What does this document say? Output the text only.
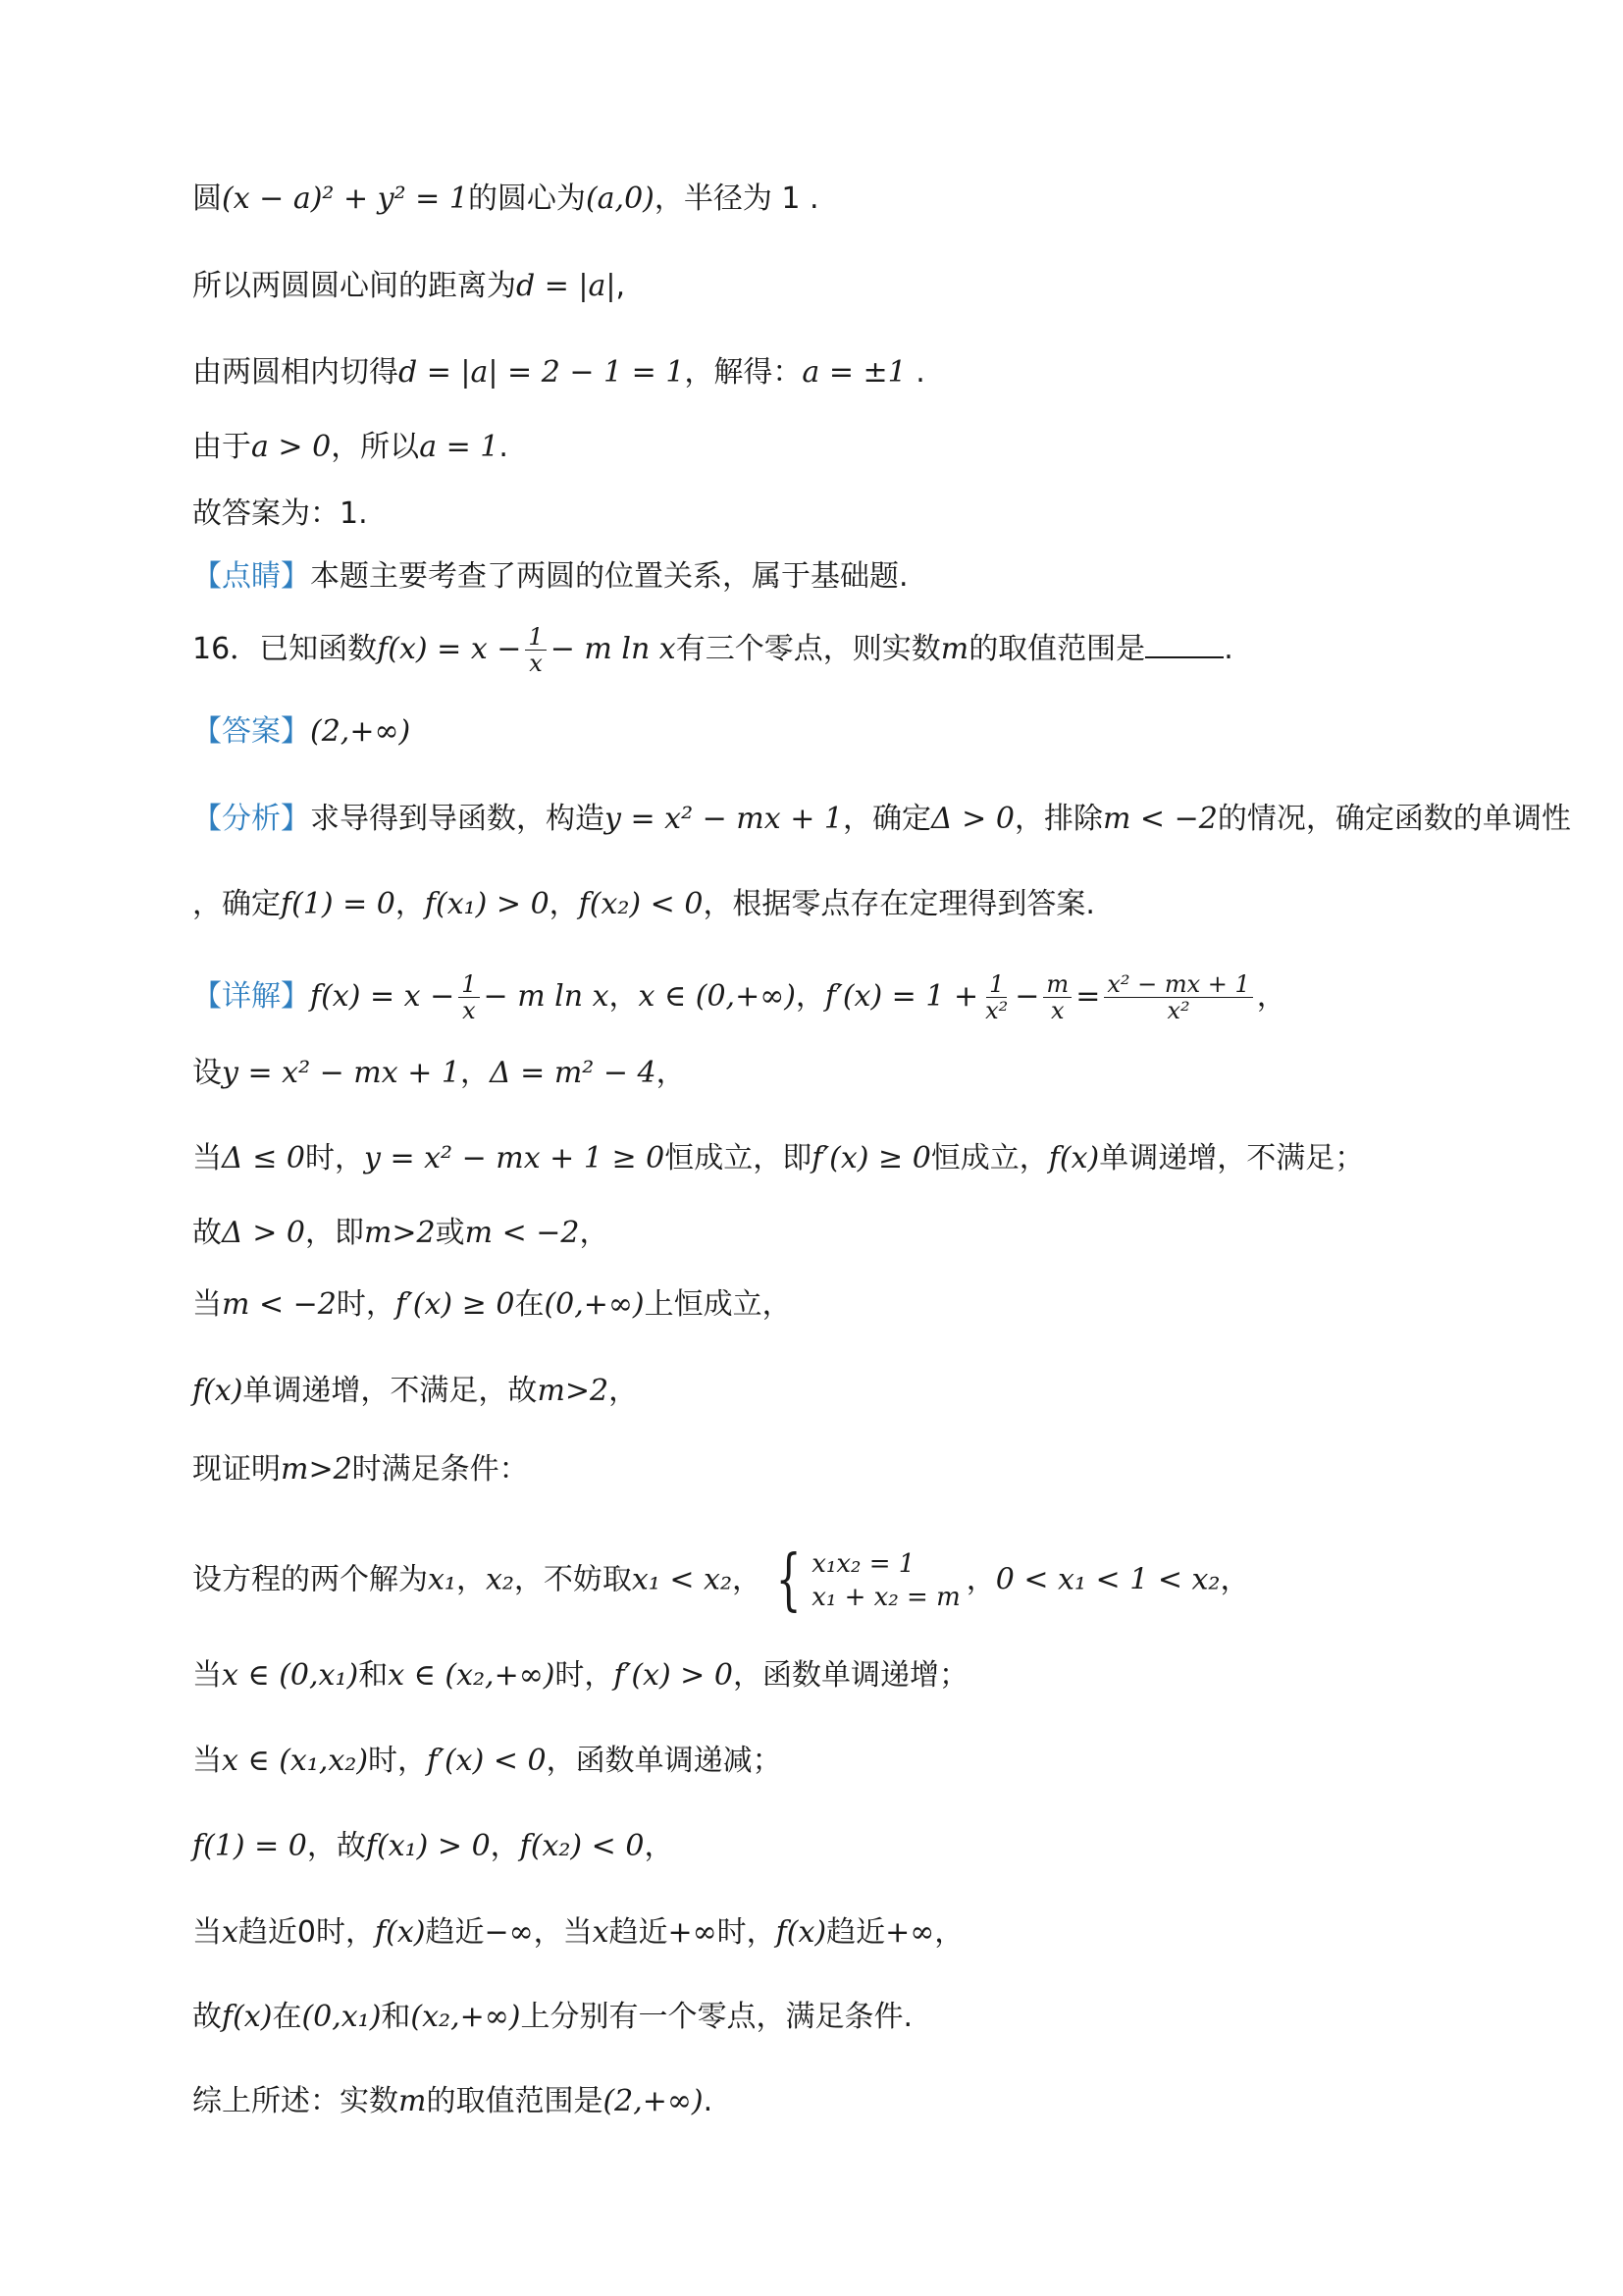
圆(x − a)² + y² = 1的圆心为(a,0)，半径为 1 .
所以两圆圆心间的距离为d = |a|,
由两圆相内切得d = |a| = 2 − 1 = 1，解得：a = ±1 .
由于a > 0，所以a = 1.
故答案为：1.
【点睛】本题主要考查了两圆的位置关系，属于基础题.
16．已知函数$f(x) = x - \frac{1}{x} - m$ ln x有三个零点，则实数m的取值范围是	.
【答案】(2,+∞)
【分析】求导得到导函数，构造y = x² − mx + 1，确定Δ > 0，排除m < −2的情况，确定函数的单调性
，确定f(1) = 0，f(x₁) > 0，f(x₂) < 0，根据零点存在定理得到答案.
【详解】$f(x) = x - \frac{1}{x} - m$ ln x，x ∈ (0,+∞)，$f'(x) = 1 + \frac{1}{\text{x²}} - \frac{m}{x} = \frac{\text{x² − mx + 1}}{\text{x²}}$ ，
设y = x² − mx + 1，Δ = m² − 4，
当Δ ≤ 0时，y = x² − mx + 1 ≥ 0恒成立，即f′(x) ≥ 0恒成立，f(x)单调递增，不满足；
故Δ > 0，即m>2或m < −2，
当m < −2时，f′(x) ≥ 0在(0,+∞)上恒成立，
f(x)单调递增，不满足，故m>2，
现证明m>2时满足条件：
设方程的两个解为x₁，x₂，不妨取x₁ < x₂， { x₁x₂ = 1
x₁ + x₂ = m
，0 < x₁ < 1 < x₂，
当x ∈ (0,x₁)和x ∈ (x₂,+∞)时，f′(x) > 0，函数单调递增；
当x ∈ (x₁,x₂)时，f′(x) < 0，函数单调递减；
f(1) = 0，故f(x₁) > 0，f(x₂) < 0，
当x趋近0时，f(x)趋近−∞，当x趋近+∞时，f(x)趋近+∞，
故f(x)在(0,x₁)和(x₂,+∞)上分别有一个零点，满足条件.
综上所述：实数m的取值范围是(2,+∞).
